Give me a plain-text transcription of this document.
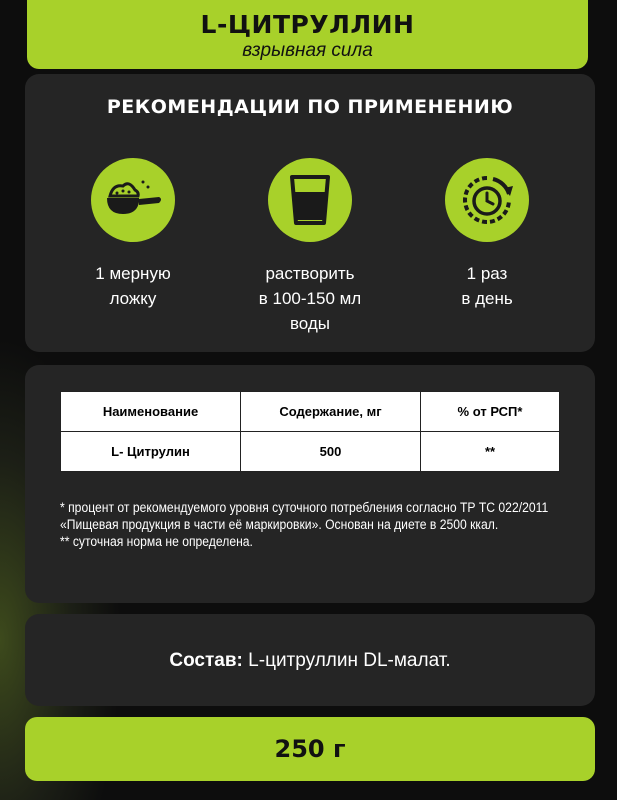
L-ЦИТРУЛЛИН
взрывная сила
РЕКОМЕНДАЦИИ ПО ПРИМЕНЕНИЮ
1 мерную
ложку
растворить
в 100-150 мл
воды
1 раз
в день
Наименование	Содержание, мг	% от РСП*
L- Цитрулин	500	**
* процент от рекомендуемого уровня суточного потребления согласно ТР ТС 022/2011 «Пищевая продукция в части её маркировки». Основан на диете в 2500 ккал.
** суточная норма не определена.
Состав: L-цитруллин DL-малат.
250 г
